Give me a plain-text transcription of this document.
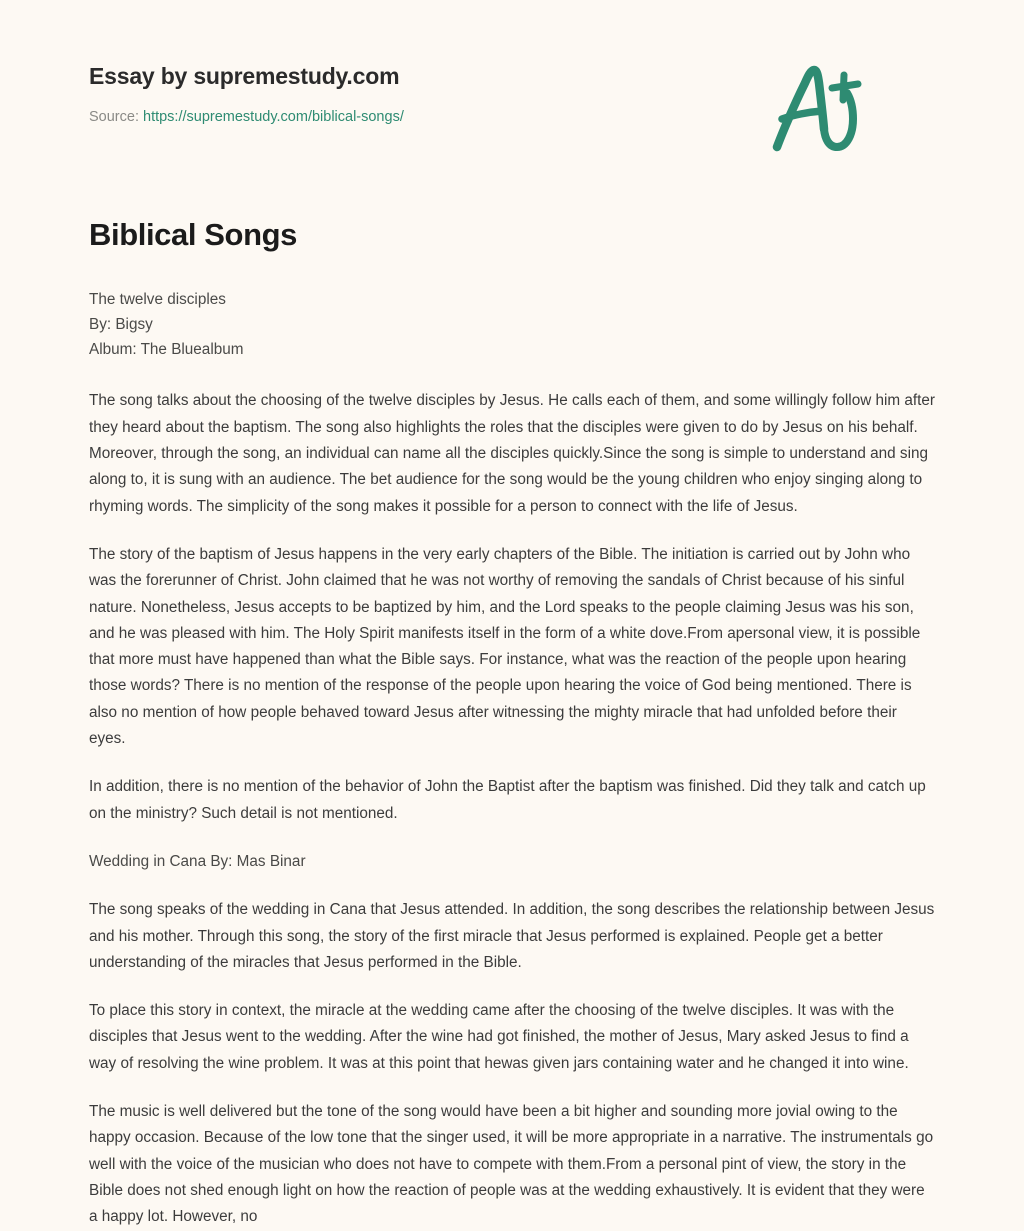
Essay by supremestudy.com
Source: https://supremestudy.com/biblical-songs/
Biblical Songs
The twelve disciples
By: Bigsy
Album: The Bluealbum

The song talks about the choosing of the twelve disciples by Jesus. He calls each of them, and some willingly follow him after they heard about the baptism. The song also highlights the roles that the disciples were given to do by Jesus on his behalf. Moreover, through the song, an individual can name all the disciples quickly.Since the song is simple to understand and sing along to, it is sung with an audience. The bet audience for the song would be the young children who enjoy singing along to rhyming words. The simplicity of the song makes it possible for a person to connect with the life of Jesus.

The story of the baptism of Jesus happens in the very early chapters of the Bible. The initiation is carried out by John who was the forerunner of Christ. John claimed that he was not worthy of removing the sandals of Christ because of his sinful nature. Nonetheless, Jesus accepts to be baptized by him, and the Lord speaks to the people claiming Jesus was his son, and he was pleased with him. The Holy Spirit manifests itself in the form of a white dove.From apersonal view, it is possible that more must have happened than what the Bible says. For instance, what was the reaction of the people upon hearing those words? There is no mention of the response of the people upon hearing the voice of God being mentioned. There is also no mention of how people behaved toward Jesus after witnessing the mighty miracle that had unfolded before their eyes.

In addition, there is no mention of the behavior of John the Baptist after the baptism was finished. Did they talk and catch up on the ministry? Such detail is not mentioned.

Wedding in Cana By: Mas Binar

The song speaks of the wedding in Cana that Jesus attended. In addition, the song describes the relationship between Jesus and his mother. Through this song, the story of the first miracle that Jesus performed is explained. People get a better understanding of the miracles that Jesus performed in the Bible.

To place this story in context, the miracle at the wedding came after the choosing of the twelve disciples. It was with the disciples that Jesus went to the wedding. After the wine had got finished, the mother of Jesus, Mary asked Jesus to find a way of resolving the wine problem. It was at this point that hewas given jars containing water and he changed it into wine.

The music is well delivered but the tone of the song would have been a bit higher and sounding more jovial owing to the happy occasion. Because of the low tone that the singer used, it will be more appropriate in a narrative. The instrumentals go well with the voice of the musician who does not have to compete with them.From a personal pint of view, the story in the Bible does not shed enough light on how the reaction of people was at the wedding exhaustively. It is evident that they were a happy lot. However, no
